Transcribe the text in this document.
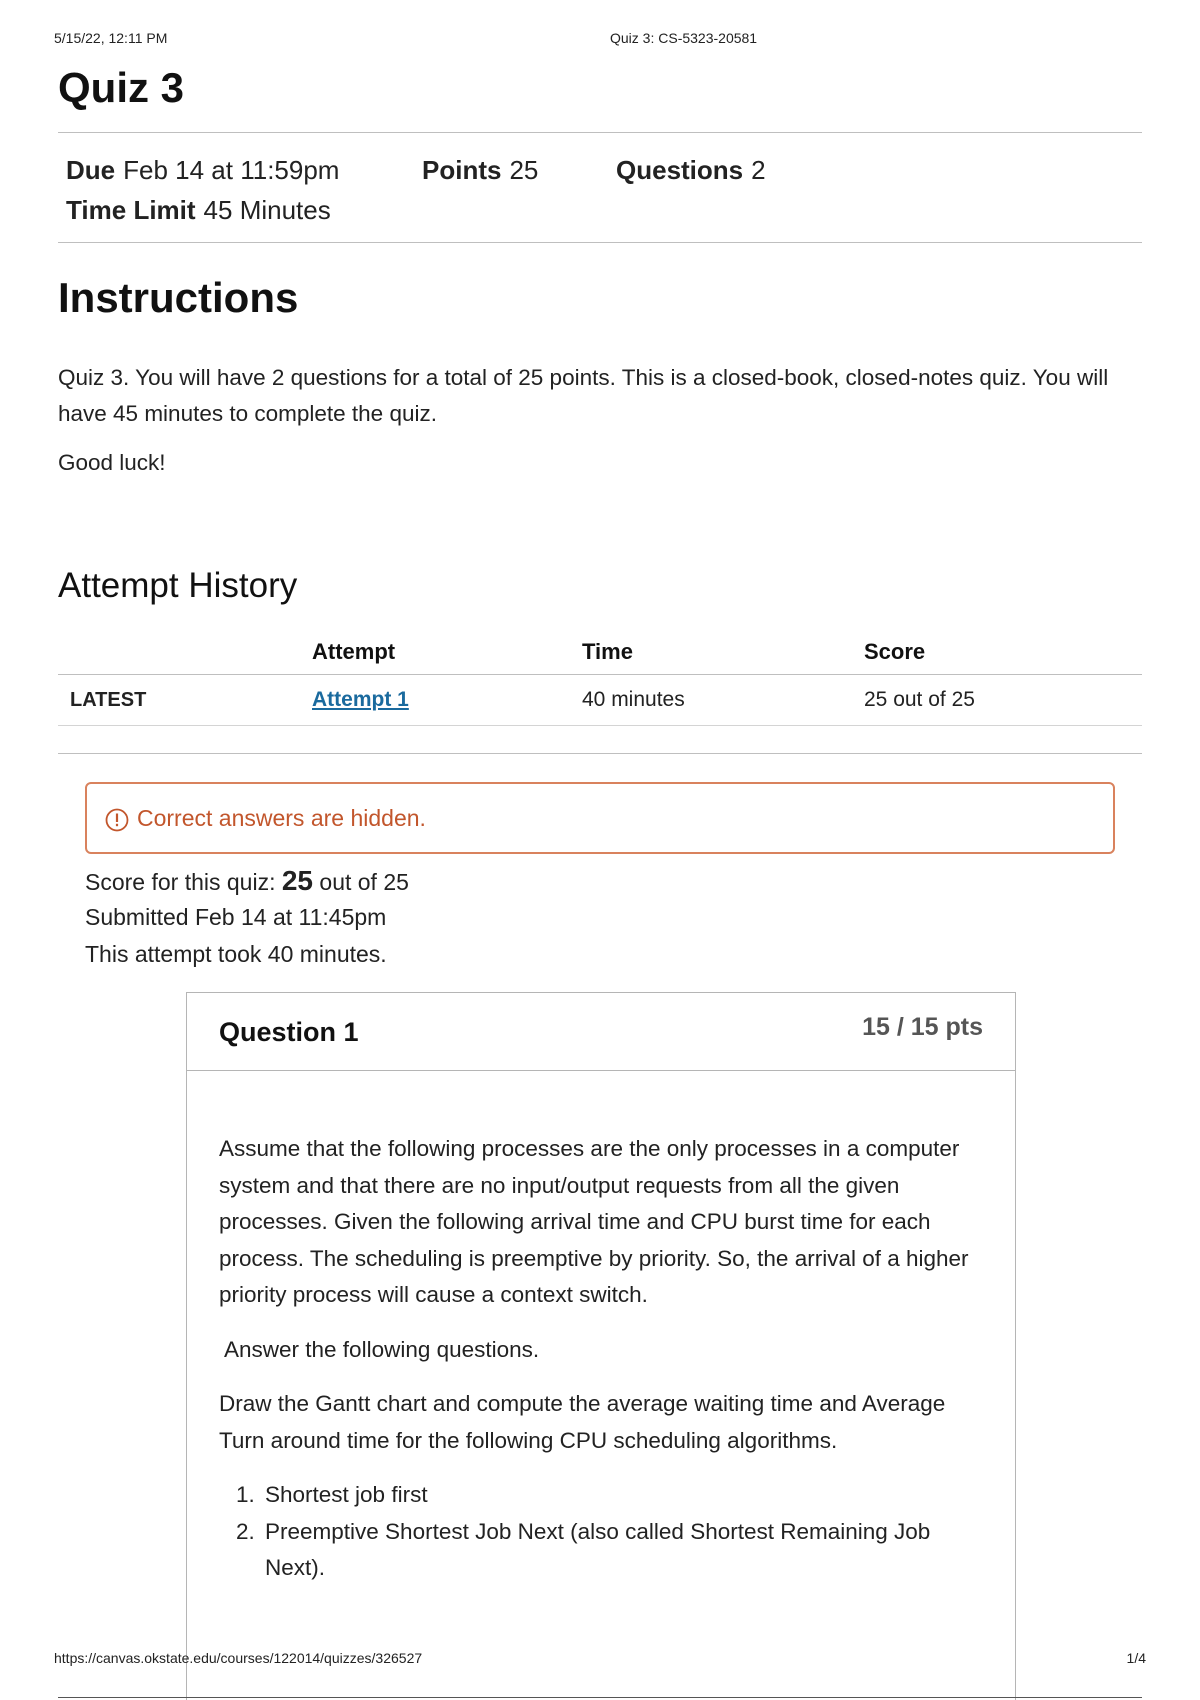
5/15/22, 12:11 PM	Quiz 3: CS-5323-20581
Quiz 3
Due Feb 14 at 11:59pm	Points 25	Questions 2
Time Limit 45 Minutes
Instructions

Quiz 3. You will have 2 questions for a total of 25 points. This is a closed-book, closed-notes quiz. You will have 45 minutes to complete the quiz.

Good luck!

Attempt History
	Attempt	Time	Score
LATEST	Attempt 1	40 minutes	25 out of 25
Correct answers are hidden.
Score for this quiz: 25 out of 25
Submitted Feb 14 at 11:45pm
This attempt took 40 minutes.
Question 1	15 / 15 pts

Assume that the following processes are the only processes in a computer system and that there are no input/output requests from all the given processes. Given the following arrival time and CPU burst time for each process. The scheduling is preemptive by priority. So, the arrival of a higher priority process will cause a context switch.

Answer the following questions.

Draw the Gantt chart and compute the average waiting time and Average Turn around time for the following CPU scheduling algorithms.

1. Shortest job first
2. Preemptive Shortest Job Next (also called Shortest Remaining Job Next).
https://canvas.okstate.edu/courses/122014/quizzes/326527	1/4
